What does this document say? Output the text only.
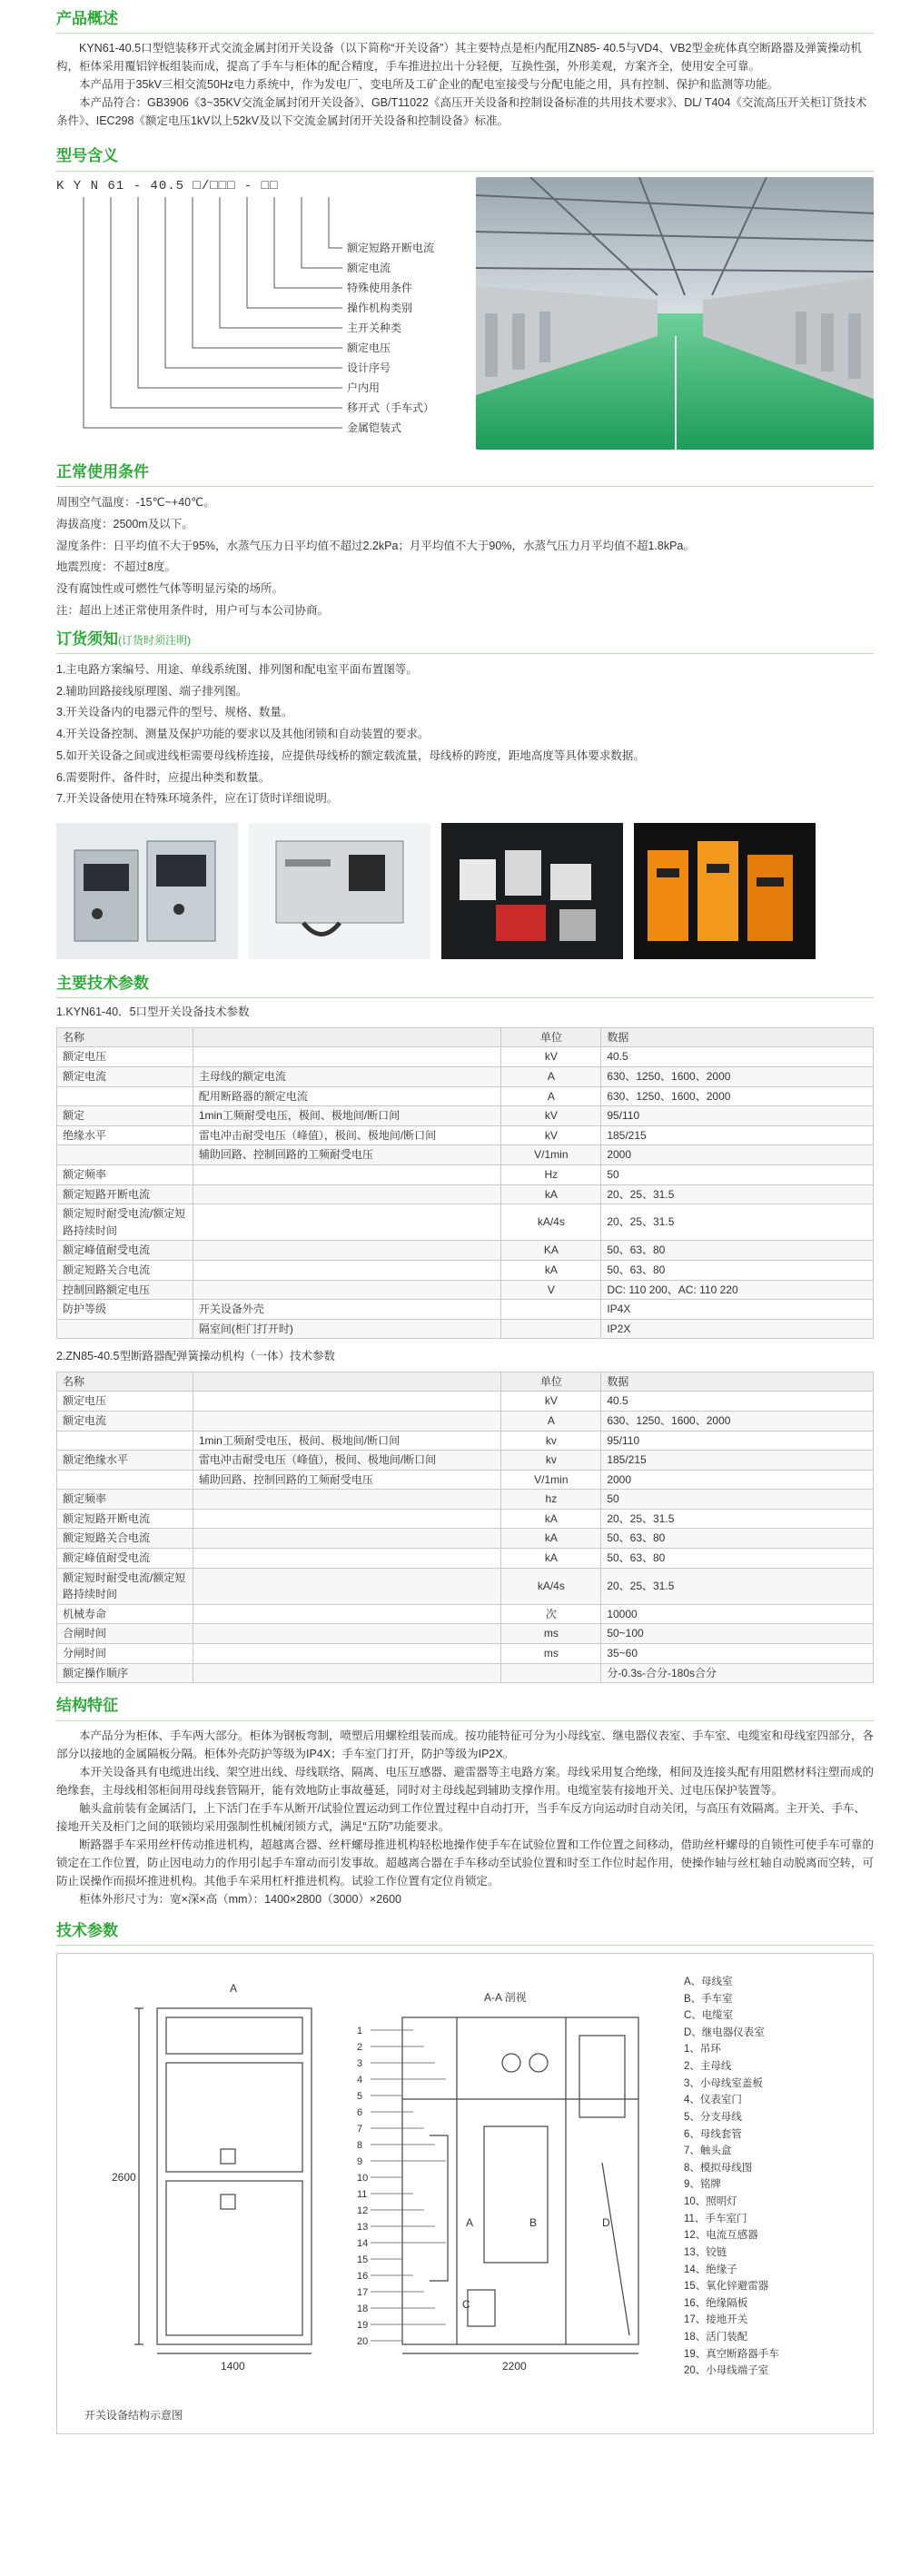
产品概述

KYN61-40.5口型铠装移开式交流金属封闭开关设备（以下简称“开关设备”）其主要特点是柜内配用ZN85- 40.5与VD4、VB2型金疣体真空断路器及弹簧操动机构，柜体采用覆铝锌板组装而成，提高了手车与柜体的配合精度，手车推进拉出十分轻便，互换性强，外形美观，方案齐全，使用安全可靠。

本产品用于35kV三相交流50Hz电力系统中，作为发电厂、变电所及工矿企业的配电室接受与分配电能之用，具有控制、保护和监测等功能。

本产品符合：GB3906《3~35KV交流金属封闭开关设备》、GB/T11022《高压开关设备和控制设备标准的共用技术要求》、DL/ T404《交流高压开关柜订货技术条件》、IEC298《额定电压1kV以上52kV及以下交流金属封闭开关设备和控制设备》标准。

型号含义
K Y N 61 - 40.5 □/□□□ - □□
额定短路开断电流
额定电流
特殊使用条件
操作机构类别
主开关种类
额定电压
设计序号
户内用
移开式（手车式）
金属铠装式
正常使用条件

周围空气温度：-15℃~+40℃。

海拔高度：2500m及以下。

湿度条件：日平均值不大于95%，水蒸气压力日平均值不超过2.2kPa；月平均值不大于90%，水蒸气压力月平均值不超1.8kPa。

地震烈度：不超过8度。

没有腐蚀性或可燃性气体等明显污染的场所。

注：超出上述正常使用条件时，用户可与本公司协商。

订货须知(订货时须注明)

1.主电路方案编号、用途、单线系统图、排列图和配电室平面布置图等。

2.辅助回路接线原理图、端子排列图。

3.开关设备内的电器元件的型号、规格、数量。

4.开关设备控制、测量及保护功能的要求以及其他闭锁和自动装置的要求。

5.如开关设备之间或进线柜需要母线桥连接，应提供母线桥的额定载流量，母线桥的跨度，距地高度等具体要求数据。

6.需要附件、备件时，应提出种类和数量。

7.开关设备使用在特殊环境条件，应在订货时详细说明。

主要技术参数
1.KYN61-40．5口型开关设备技术参数
名称		单位	数据
额定电压		kV	40.5
额定电流	主母线的额定电流	A	630、1250、1600、2000
	配用断路器的额定电流	A	630、1250、1600、2000
额定	1min工频耐受电压，极间、极地间/断口间	kV	95/110
绝缘水平	雷电冲击耐受电压（峰值），极间、极地间/断口间	kV	185/215
	辅助回路、控制回路的工频耐受电压	V/1min	2000
额定频率		Hz	50
额定短路开断电流		kA	20、25、31.5
额定短时耐受电流/额定短路持续时间		kA/4s	20、25、31.5
额定峰值耐受电流		KA	50、63、80
额定短路关合电流		kA	50、63、80
控制回路额定电压		V	DC: 110 200、AC: 110 220
防护等级	开关设备外壳		IP4X
	隔室间(柜门打开时)		IP2X
2.ZN85-40.5型断路器配弹簧操动机构（一体）技术参数
名称		单位	数据
额定电压		kV	40.5
额定电流		A	630、1250、1600、2000
	1min工频耐受电压，极间、极地间/断口间	kv	95/110
额定绝缘水平	雷电冲击耐受电压（峰值），极间、极地间/断口间	kv	185/215
	辅助回路、控制回路的工频耐受电压	V/1min	2000
额定频率		hz	50
额定短路开断电流		kA	20、25、31.5
额定短路关合电流		kA	50、63、80
额定峰值耐受电流		kA	50、63、80
额定短时耐受电流/额定短路持续时间		kA/4s	20、25、31.5
机械寿命		次	10000
合闸时间		ms	50~100
分闸时间		ms	35~60
额定操作顺序			分-0.3s-合分-180s合分
结构特征

本产品分为柜体、手车两大部分。柜体为钢板弯制，喷塑后用螺栓组装而成。按功能特征可分为小母线室、继电器仪表室、手车室、电缆室和母线室四部分，各部分以接地的金属隔板分隔。柜体外壳防护等级为IP4X；手车室门打开，防护等级为IP2X。

本开关设备具有电缆进出线、架空进出线、母线联络、隔离、电压互感器、避雷器等主电路方案。母线采用复合绝缘，相间及连接头配有用阻燃材料注塑而成的绝缘套，主母线相邻柜间用母线套管隔开，能有效地防止事故蔓延，同时对主母线起到辅助支撑作用。电缆室装有接地开关、过电压保护装置等。

触头盒前装有金属活门，上下活门在手车从断开/试验位置运动到工作位置过程中自动打开，当手车反方向运动时自动关闭，与高压有效隔离。主开关、手车、接地开关及柜门之间的联锁均采用强制性机械闭锁方式，满足“五防”功能要求。

断路器手车采用丝杆传动推进机构，超越离合器、丝杆螺母推进机构轻松地操作使手车在试验位置和工作位置之间移动，借助丝杆螺母的自锁性可使手车可靠的锁定在工作位置，防止因电动力的作用引起手车窜动而引发事故。超越离合器在手车移动至试验位置和时至工作位时起作用，使操作轴与丝杠轴自动脱离而空转，可防止误操作而损坏推进机构。其他手车采用杠杆推进机构。试验工作位置有定位肖锁定。

柜体外形尺寸为：宽×深×高（mm）：1400×2800（3000）×2600

技术参数
2600
1400	2200
A-A 剖视
A
A	B
C
D
1
2
3
4
5
6
7
8
9
10
11
12
13
14
15
16
17
18
19
20
A、母线室
B、手车室
C、电缆室
D、继电器仪表室
1、吊环
2、主母线
3、小母线室盖板
4、仪表室门
5、分支母线
6、母线套管
7、触头盒
8、模拟母线图
9、铭牌
10、照明灯
11、手车室门
12、电流互感器
13、铰链
14、绝缘子
15、氧化锌避雷器
16、绝缘隔板
17、接地开关
18、活门装配
19、真空断路器手车
20、小母线端子室
开关设备结构示意图
